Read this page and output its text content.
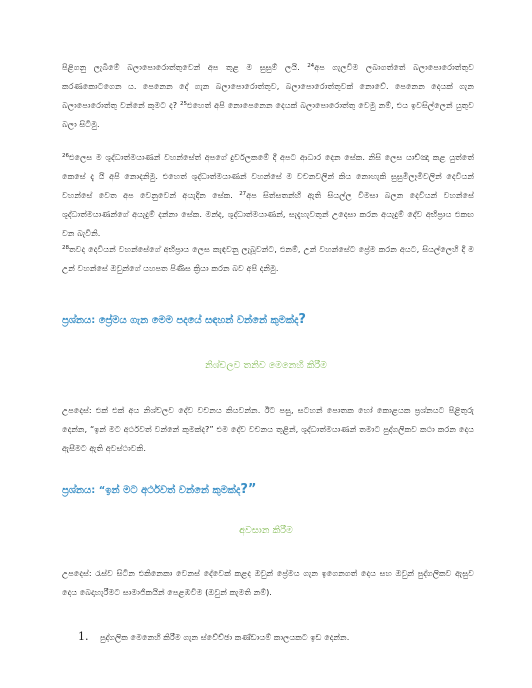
පිළිගනු ලැබීමේ බලාපොරොත්තුවෙන් අප තුළ ම සුසුම් ලයි. $^{24}$අප ගැලවීම ලබාගත්තේ බලාපොරොත්තුව කරණකොටගෙන ය. පෙනෙන දේ ගැන බලාපොරොත්තුව, බලාපොරොත්තුවක් නොවේ. පෙනෙන දෙයක් ගැන බලාපොරොත්තු වන්නේ කුමට ද? $^{25}$එහෙත් අපි නොපෙනෙන දෙයක් බලාපොරොත්තු වෙමු නම්, එය ඉවසිල්ලෙන් යුතුව බලා සිටිමු.

$^{26}$එලෙස ම ශුද්ධාත්මයාණන් වහන්සේත් අපගේ දුර්වලකමේ දී අපට ආධාර දෙන සේක. නිසි ලෙස යාච්ඤා කළ යුත්තේ කෙසේ දැ යි අපි නොදනිමු. එහෙත් ශුද්ධාත්මයාණන් වහන්සේ ම වචනවලින් කිය නොහැකි සුසුමිලෑමිවලින් දෙවියන් වහන්සේ වෙත අප වෙනුවෙන් අයැදින සේක. $^{27}$අප සිත්සතන්හි ඇති සියල්ල විමසා බලන දෙවියන් වහන්සේ ශුද්ධාත්මයාණන්ගේ අයැදුම් දන්නා සේක. මන්ද, ශුද්ධාත්මයාණන්, සැදැහැවතුන් උදෙසා කරන අයැදුම් දේව අභිප්‍රාය එකඟ වන බැවිනි.

$^{28}$තවද දෙවියන් වහන්සේගේ අභිප්‍රාය ලෙස කැඳවනු ලැබූවන්ට, එනම්, උන් වහන්සේට ප්‍රේම කරන අයට, සියල්ලෙහි දී ම උන් වහන්සේ ඔවුන්ගේ යහපත පිණිස ක්‍රියා කරන බව අපි දනිමු.

ප්‍රශ්නය: ප්‍රේමය ගැන මෙම පදයේ සඳහන් වන්නේ කුමක්ද?

නිශ්චලව තනිව මෙනෙහි කිරීම

උපදෙස්: එක් එක් අය නිශ්චලව දේව වචනය කියවන්න. ඊට පසු, සටහන් පොතක හෝ කොළයක ප්‍රශ්නයට පිළිතුරු දෙන්න, “ඉන් මට අර්ථවත් වන්නේ කුමක්ද?” එම දේව වචනය තුළින්, ශුද්ධාත්මයාණන් තමාට පුද්ගලිකව කථා කරන දෙය ඇසීමට ඇති අවස්ථාවකි.

ප්‍රශ්නය: “ඉන් මට අර්ථවත් වන්නේ කුමක්ද?”

අවසාන කිරීම

උපදෙස්: රැස්ව සිටින එකිනෙකා වෙනස් දේවෙක් කළද ඔවුන් ප්‍රේමය ගැන ඉගෙනගත් දෙය සහ ඔවුන් පුද්ගලිකව ඇසුව දෙය බෙදාහැරීමට සාමාජිකයින් පෙළඹවීම (ඔවුන් කැමති නම්).

1. පුද්ගලික මෙනෙහි කිරීම ගැන ස්වේච්ඡා කණ්ඩායම් කාලයකට ඉඩ දෙන්න.
